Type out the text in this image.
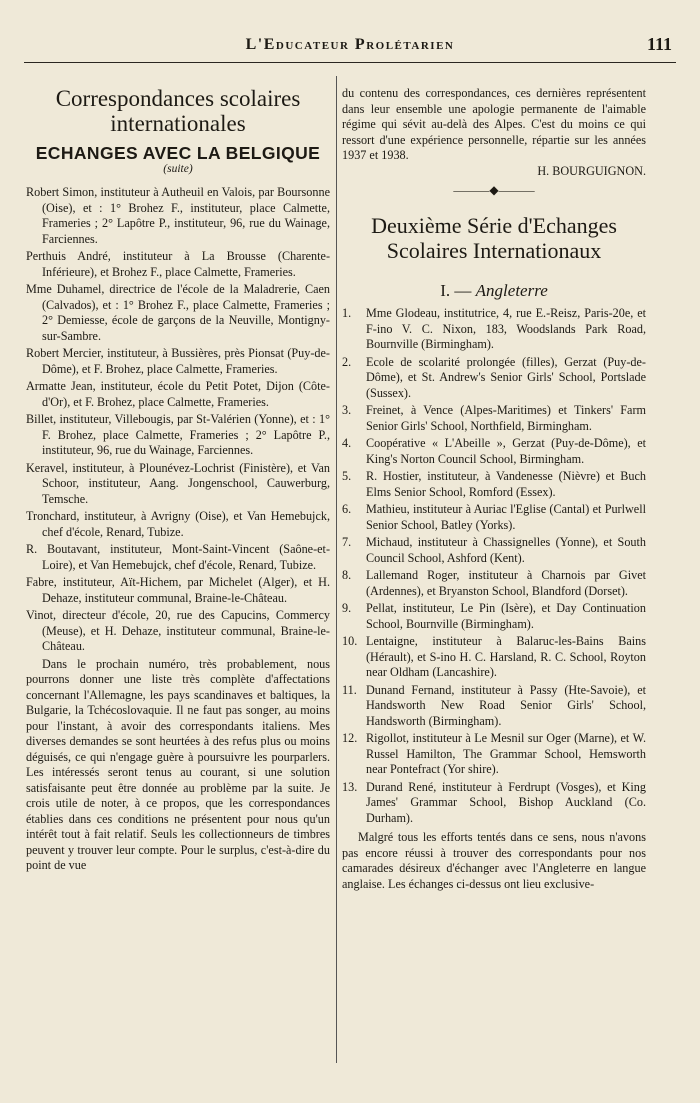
L'Educateur Prolétarien	111
Correspondances scolaires internationales
ECHANGES AVEC LA BELGIQUE
(suite)

Robert Simon, instituteur à Autheuil en Valois, par Boursonne (Oise), et : 1° Brohez F., instituteur, place Calmette, Frameries ; 2° Lapôtre P., instituteur, 96, rue du Wainage, Farciennes.

Perthuis André, instituteur à La Brousse (Charente-Inférieure), et Brohez F., place Calmette, Frameries.

Mme Duhamel, directrice de l'école de la Maladrerie, Caen (Calvados), et : 1° Brohez F., place Calmette, Frameries ; 2° Demiesse, école de garçons de la Neuville, Montigny-sur-Sambre.

Robert Mercier, instituteur, à Bussières, près Pionsat (Puy-de-Dôme), et F. Brohez, place Calmette, Frameries.

Armatte Jean, instituteur, école du Petit Potet, Dijon (Côte-d'Or), et F. Brohez, place Calmette, Frameries.

Billet, instituteur, Villebougis, par St-Valérien (Yonne), et : 1° F. Brohez, place Calmette, Frameries ; 2° Lapôtre P., instituteur, 96, rue du Wainage, Farciennes.

Keravel, instituteur, à Plounévez-Lochrist (Finistère), et Van Schoor, instituteur, Aang. Jongenschool, Cauwerburg, Temsche.

Tronchard, instituteur, à Avrigny (Oise), et Van Hemebujck, chef d'école, Renard, Tubize.

R. Boutavant, instituteur, Mont-Saint-Vincent (Saône-et-Loire), et Van Hemebujck, chef d'école, Renard, Tubize.

Fabre, instituteur, Aït-Hichem, par Michelet (Alger), et H. Dehaze, instituteur communal, Braine-le-Château.

Vinot, directeur d'école, 20, rue des Capucins, Commercy (Meuse), et H. Dehaze, instituteur communal, Braine-le-Château.

Dans le prochain numéro, très probablement, nous pourrons donner une liste très complète d'affectations concernant l'Allemagne, les pays scandinaves et baltiques, la Bulgarie, la Tchécoslovaquie. Il ne faut pas songer, au moins pour l'instant, à avoir des correspondants italiens. Mes diverses demandes se sont heurtées à des refus plus ou moins déguisés, ce qui n'engage guère à poursuivre les pourparlers. Les intéressés seront tenus au courant, si une solution satisfaisante peut être donnée au problème par la suite. Je crois utile de noter, à ce propos, que les correspondances établies dans ces conditions ne présentent pour nous qu'un intérêt tout à fait relatif. Seuls les collectionneurs de timbres peuvent y trouver leur compte. Pour le surplus, c'est-à-dire du point de vue

du contenu des correspondances, ces dernières représentent dans leur ensemble une apologie permanente de l'aimable régime qui sévit au-delà des Alpes. C'est du moins ce qui ressort d'une expérience personnelle, répartie sur les années 1937 et 1938.

H. BOURGUIGNON.

———◆———
Deuxième Série d'Echanges Scolaires Internationaux
I. — Angleterre
1. Mme Glodeau, institutrice, 4, rue E.-Reisz, Paris-20e, et F-ino V. C. Nixon, 183, Woodslands Park Road, Bournville (Birmingham).
2. Ecole de scolarité prolongée (filles), Gerzat (Puy-de-Dôme), et St. Andrew's Senior Girls' School, Portslade (Sussex).
3. Freinet, à Vence (Alpes-Maritimes) et Tinkers' Farm Senior Girls' School, Northfield, Birmingham.
4. Coopérative « L'Abeille », Gerzat (Puy-de-Dôme), et King's Norton Council School, Birmingham.
5. R. Hostier, instituteur, à Vandenesse (Nièvre) et Buch Elms Senior School, Romford (Essex).
6. Mathieu, instituteur à Auriac l'Eglise (Cantal) et Purlwell Senior School, Batley (Yorks).
7. Michaud, instituteur à Chassignelles (Yonne), et South Council School, Ashford (Kent).
8. Lallemand Roger, instituteur à Charnois par Givet (Ardennes), et Bryanston School, Blandford (Dorset).
9. Pellat, instituteur, Le Pin (Isère), et Day Continuation School, Bournville (Birmingham).
10. Lentaigne, instituteur à Balaruc-les-Bains Bains (Hérault), et S-ino H. C. Harsland, R. C. School, Royton near Oldham (Lancashire).
11. Dunand Fernand, instituteur à Passy (Hte-Savoie), et Handsworth New Road Senior Girls' School, Handsworth (Birmingham).
12. Rigollot, instituteur à Le Mesnil sur Oger (Marne), et W. Russel Hamilton, The Grammar School, Hemsworth near Pontefract (Yor shire).
13. Durand René, instituteur à Ferdrupt (Vosges), et King James' Grammar School, Bishop Auckland (Co. Durham).

Malgré tous les efforts tentés dans ce sens, nous n'avons pas encore réussi à trouver des correspondants pour nos camarades désireux d'échanger avec l'Angleterre en langue anglaise. Les échanges ci-dessus ont lieu exclusive-
